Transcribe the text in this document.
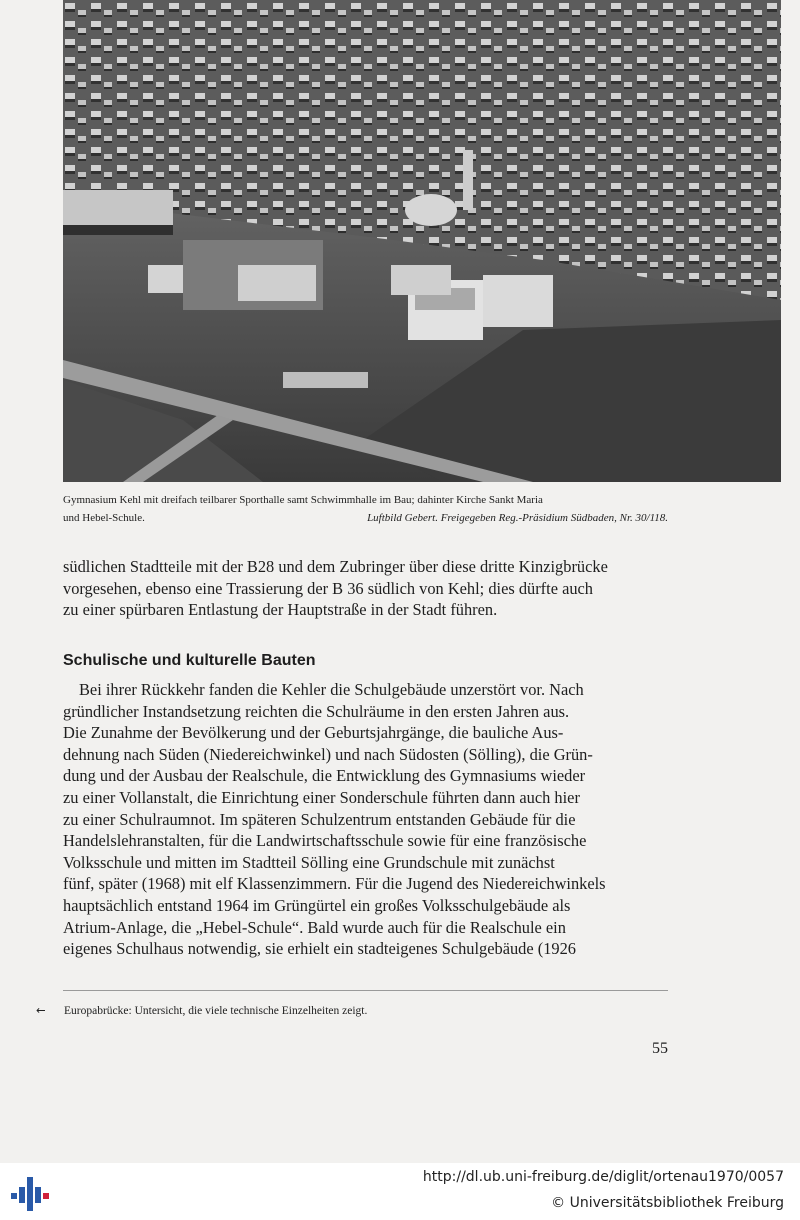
Gymnasium Kehl mit dreifach teilbarer Sporthalle samt Schwimmhalle im Bau; dahinter Kirche Sankt Maria
und Hebel-Schule.	Luftbild Gebert. Freigegeben Reg.-Präsidium Südbaden, Nr. 30/118.

südlichen Stadtteile mit der B28 und dem Zubringer über diese dritte Kinzigbrücke

vorgesehen, ebenso eine Trassierung der B 36 südlich von Kehl; dies dürfte auch

zu einer spürbaren Entlastung der Hauptstraße in der Stadt führen.

Schulische und kulturelle Bauten

Bei ihrer Rückkehr fanden die Kehler die Schulgebäude unzerstört vor. Nach

gründlicher Instandsetzung reichten die Schulräume in den ersten Jahren aus.

Die Zunahme der Bevölkerung und der Geburtsjahrgänge, die bauliche Aus-

dehnung nach Süden (Niedereichwinkel) und nach Südosten (Sölling), die Grün-

dung und der Ausbau der Realschule, die Entwicklung des Gymnasiums wieder

zu einer Vollanstalt, die Einrichtung einer Sonderschule führten dann auch hier

zu einer Schulraumnot. Im späteren Schulzentrum entstanden Gebäude für die

Handelslehranstalten, für die Landwirtschaftsschule sowie für eine französische

Volksschule und mitten im Stadtteil Sölling eine Grundschule mit zunächst

fünf, später (1968) mit elf Klassenzimmern. Für die Jugend des Niedereichwinkels

hauptsächlich entstand 1964 im Grüngürtel ein großes Volksschulgebäude als

Atrium-Anlage, die „Hebel-Schule“. Bald wurde auch für die Realschule ein

eigenes Schulhaus notwendig, sie erhielt ein stadteigenes Schulgebäude (1926

← Europabrücke: Untersicht, die viele technische Einzelheiten zeigt.
55
http://dl.ub.uni-freiburg.de/diglit/ortenau1970/0057
© Universitätsbibliothek Freiburg
